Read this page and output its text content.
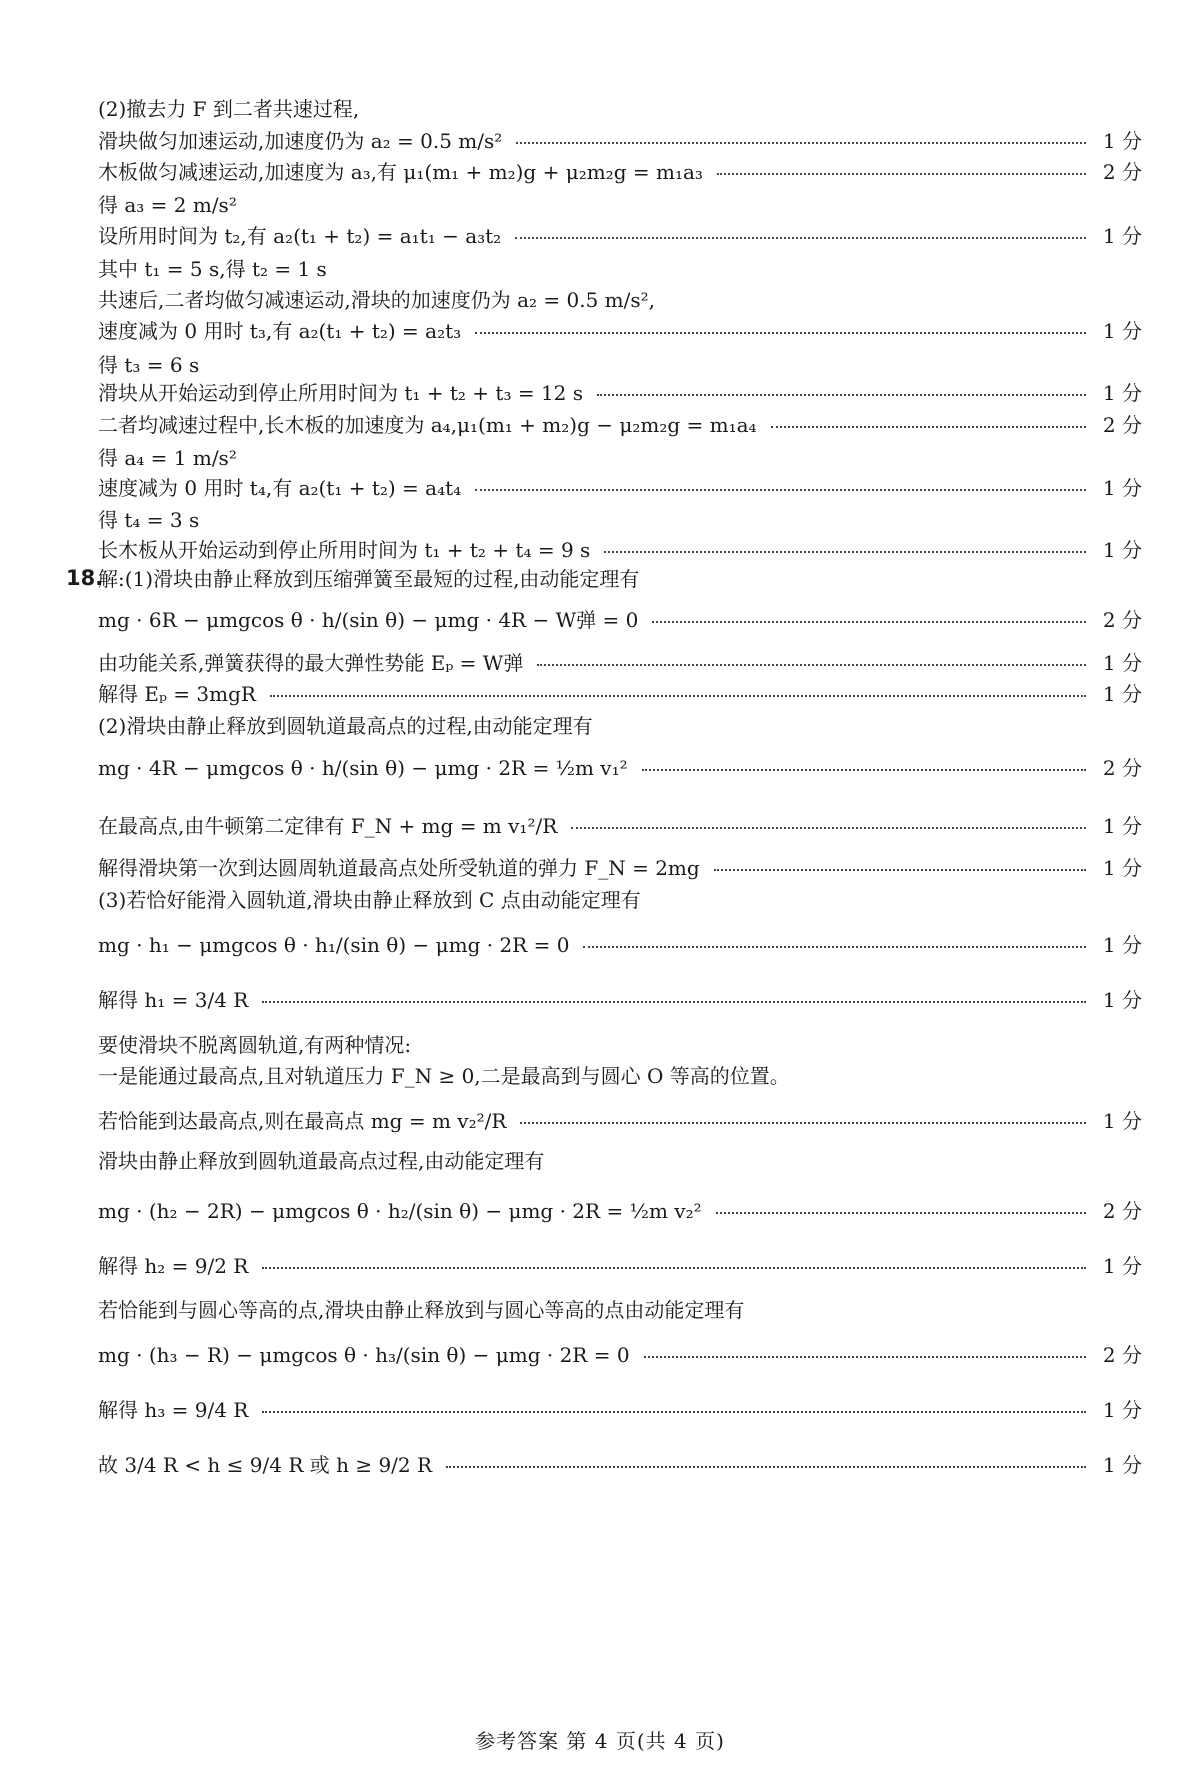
(2)撤去力 F 到二者共速过程,
滑块做匀加速运动,加速度仍为 a₂ = 0.5 m/s²	1 分
木板做匀减速运动,加速度为 a₃,有 μ₁(m₁ + m₂)g + μ₂m₂g = m₁a₃	2 分
得 a₃ = 2 m/s²
设所用时间为 t₂,有 a₂(t₁ + t₂) = a₁t₁ − a₃t₂	1 分
其中 t₁ = 5 s,得 t₂ = 1 s
共速后,二者均做匀减速运动,滑块的加速度仍为 a₂ = 0.5 m/s²,
速度减为 0 用时 t₃,有 a₂(t₁ + t₂) = a₂t₃	1 分
得 t₃ = 6 s
滑块从开始运动到停止所用时间为 t₁ + t₂ + t₃ = 12 s	1 分
二者均减速过程中,长木板的加速度为 a₄,μ₁(m₁ + m₂)g − μ₂m₂g = m₁a₄	2 分
得 a₄ = 1 m/s²
速度减为 0 用时 t₄,有 a₂(t₁ + t₂) = a₄t₄	1 分
得 t₄ = 3 s
长木板从开始运动到停止所用时间为 t₁ + t₂ + t₄ = 9 s	1 分
解:(1)滑块由静止释放到压缩弹簧至最短的过程,由动能定理有
mg · 6R − μmgcos θ · h/(sin θ) − μmg · 4R − W弹 = 0	2 分
由功能关系,弹簧获得的最大弹性势能 Eₚ = W弹	1 分
解得 Eₚ = 3mgR	1 分
(2)滑块由静止释放到圆轨道最高点的过程,由动能定理有
mg · 4R − μmgcos θ · h/(sin θ) − μmg · 2R = ½m v₁²	2 分
在最高点,由牛顿第二定律有 F_N + mg = m v₁²/R	1 分
解得滑块第一次到达圆周轨道最高点处所受轨道的弹力 F_N = 2mg	1 分
(3)若恰好能滑入圆轨道,滑块由静止释放到 C 点由动能定理有
mg · h₁ − μmgcos θ · h₁/(sin θ) − μmg · 2R = 0	1 分
解得 h₁ = 3/4 R	1 分
要使滑块不脱离圆轨道,有两种情况:
一是能通过最高点,且对轨道压力 F_N ≥ 0,二是最高到与圆心 O 等高的位置。
若恰能到达最高点,则在最高点 mg = m v₂²/R	1 分
滑块由静止释放到圆轨道最高点过程,由动能定理有
mg · (h₂ − 2R) − μmgcos θ · h₂/(sin θ) − μmg · 2R = ½m v₂²	2 分
解得 h₂ = 9/2 R	1 分
若恰能到与圆心等高的点,滑块由静止释放到与圆心等高的点由动能定理有
mg · (h₃ − R) − μmgcos θ · h₃/(sin θ) − μmg · 2R = 0	2 分
解得 h₃ = 9/4 R	1 分
故 3/4 R < h ≤ 9/4 R 或 h ≥ 9/2 R	1 分
18.
参考答案 第 4 页(共 4 页)
